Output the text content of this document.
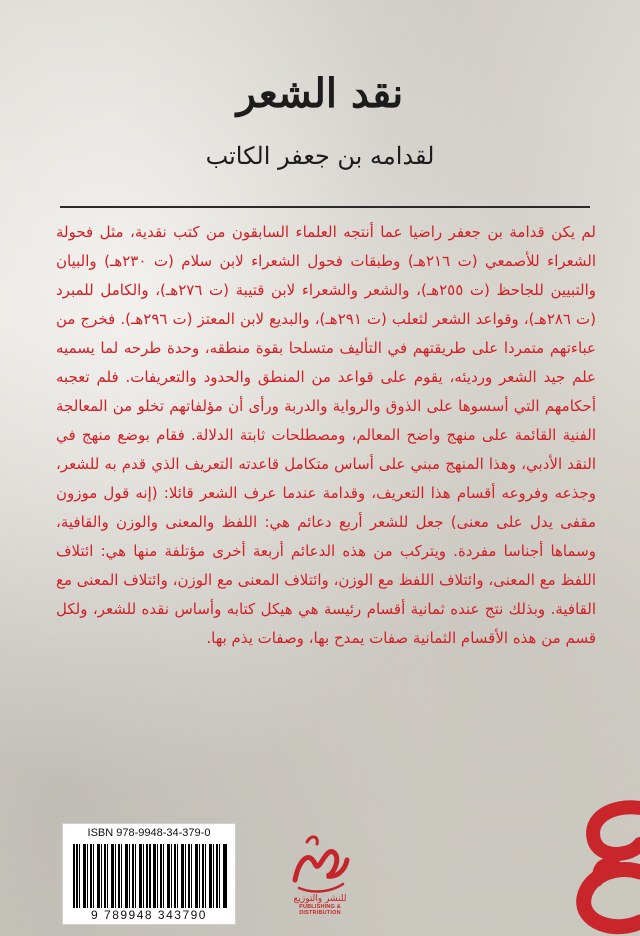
نقد الشعر
لقدامه بن جعفر الكاتب

لم يكن قدامة بن جعفر راضيا عما أنتجه العلماء السابقون من كتب نقدية، مثل فحولة الشعراء للأصمعي (ت ٢١٦هـ) وطبقات فحول الشعراء لابن سلام (ت ٢٣٠هـ) والبيان والتبيين للجاحظ (ت ٢٥٥هـ)، والشعر والشعراء لابن قتيبة (ت ٢٧٦هـ)، والكامل للمبرد (ت ٢٨٦هـ)، وقواعد الشعر لثعلب (ت ٢٩١هـ)، والبديع لابن المعتز (ت ٢٩٦هـ). فخرج من عباءتهم متمردا على طريقتهم في التأليف متسلحا بقوة منطقه، وحدة طرحه لما يسميه علم جيد الشعر ورديئه، يقوم على قواعد من المنطق والحدود والتعريفات. فلم تعجبه أحكامهم التي أسسوها على الذوق والرواية والدربة ورأى أن مؤلفاتهم تخلو من المعالجة الفنية القائمة على منهج واضح المعالم، ومصطلحات ثابتة الدلالة. فقام بوضع منهج في النقد الأدبي، وهذا المنهج مبني على أساس متكامل قاعدته التعريف الذي قدم به للشعر، وجذعه وفروعه أقسام هذا التعريف، وقدامة عندما عرف الشعر قائلا: (إنه قول موزون مقفى يدل على معنى) جعل للشعر أربع دعائم هي: اللفظ والمعنى والوزن والقافية، وسماها أجناسا مفردة. ويتركب من هذه الدعائم أربعة أخرى مؤتلفة منها هي: ائتلاف اللفظ مع المعنى، وائتلاف اللفظ مع الوزن، وائتلاف المعنى مع الوزن، وائتلاف المعنى مع القافية. وبذلك نتج عنده ثمانية أقسام رئيسة هي هيكل كتابه وأساس نقده للشعر، ولكل قسم من هذه الأقسام الثمانية صفات يمدح بها، وصفات يذم بها.

ISBN 978-9948-34-379-0
9 789948 343790
للنشر والتوزيع
PUBLISHING & DISTRIBUTION
